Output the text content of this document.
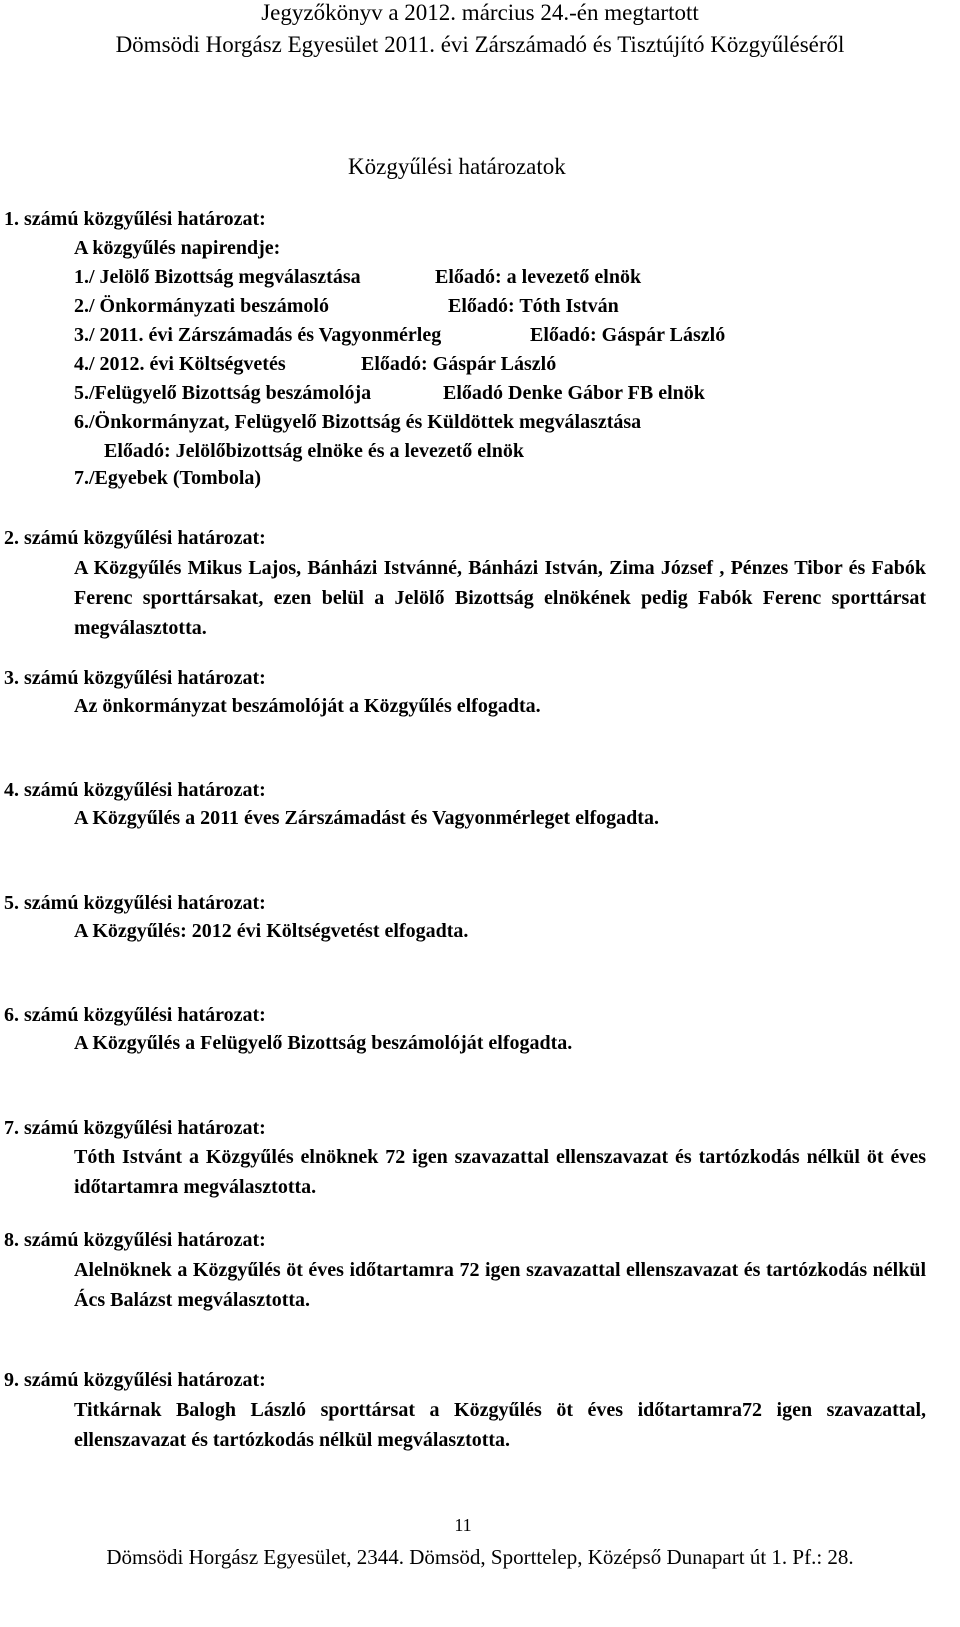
Jegyzőkönyv a 2012. március 24.-én megtartott
Dömsödi Horgász Egyesület 2011. évi Zárszámadó és Tisztújító Közgyűléséről
Közgyűlési határozatok
1. számú közgyűlési határozat:
A közgyűlés napirendje:
1./ Jelölő Bizottság megválasztása	Előadó: a levezető elnök
2./ Önkormányzati beszámoló	Előadó: Tóth István
3./ 2011. évi Zárszámadás és Vagyonmérleg	Előadó: Gáspár László
4./ 2012. évi Költségvetés	Előadó: Gáspár László
5./Felügyelő Bizottság beszámolója	Előadó Denke Gábor FB elnök
6./Önkormányzat, Felügyelő Bizottság és Küldöttek megválasztása
Előadó: Jelölőbizottság elnöke és a levezető elnök
7./Egyebek (Tombola)
2. számú közgyűlési határozat:
A Közgyűlés Mikus Lajos, Bánházi Istvánné, Bánházi István, Zima József , Pénzes Tibor és Fabók Ferenc sporttársakat, ezen belül a Jelölő Bizottság elnökének pedig Fabók Ferenc sporttársat megválasztotta.
3. számú közgyűlési határozat:
Az önkormányzat beszámolóját a Közgyűlés elfogadta.
4. számú közgyűlési határozat:
A Közgyűlés a 2011 éves Zárszámadást és Vagyonmérleget elfogadta.
5. számú közgyűlési határozat:
A Közgyűlés: 2012 évi Költségvetést elfogadta.
6. számú közgyűlési határozat:
A Közgyűlés a Felügyelő Bizottság beszámolóját elfogadta.
7. számú közgyűlési határozat:
Tóth Istvánt a Közgyűlés elnöknek 72 igen szavazattal ellenszavazat és tartózkodás nélkül öt éves időtartamra megválasztotta.
8. számú közgyűlési határozat:
Alelnöknek a Közgyűlés öt éves időtartamra 72 igen szavazattal ellenszavazat és tartózkodás nélkül Ács Balázst megválasztotta.
9. számú közgyűlési határozat:
Titkárnak Balogh László sporttársat a Közgyűlés öt éves időtartamra72 igen szavazattal, ellenszavazat és tartózkodás nélkül megválasztotta.
11
Dömsödi Horgász Egyesület, 2344. Dömsöd, Sporttelep, Középső Dunapart út 1. Pf.: 28.
